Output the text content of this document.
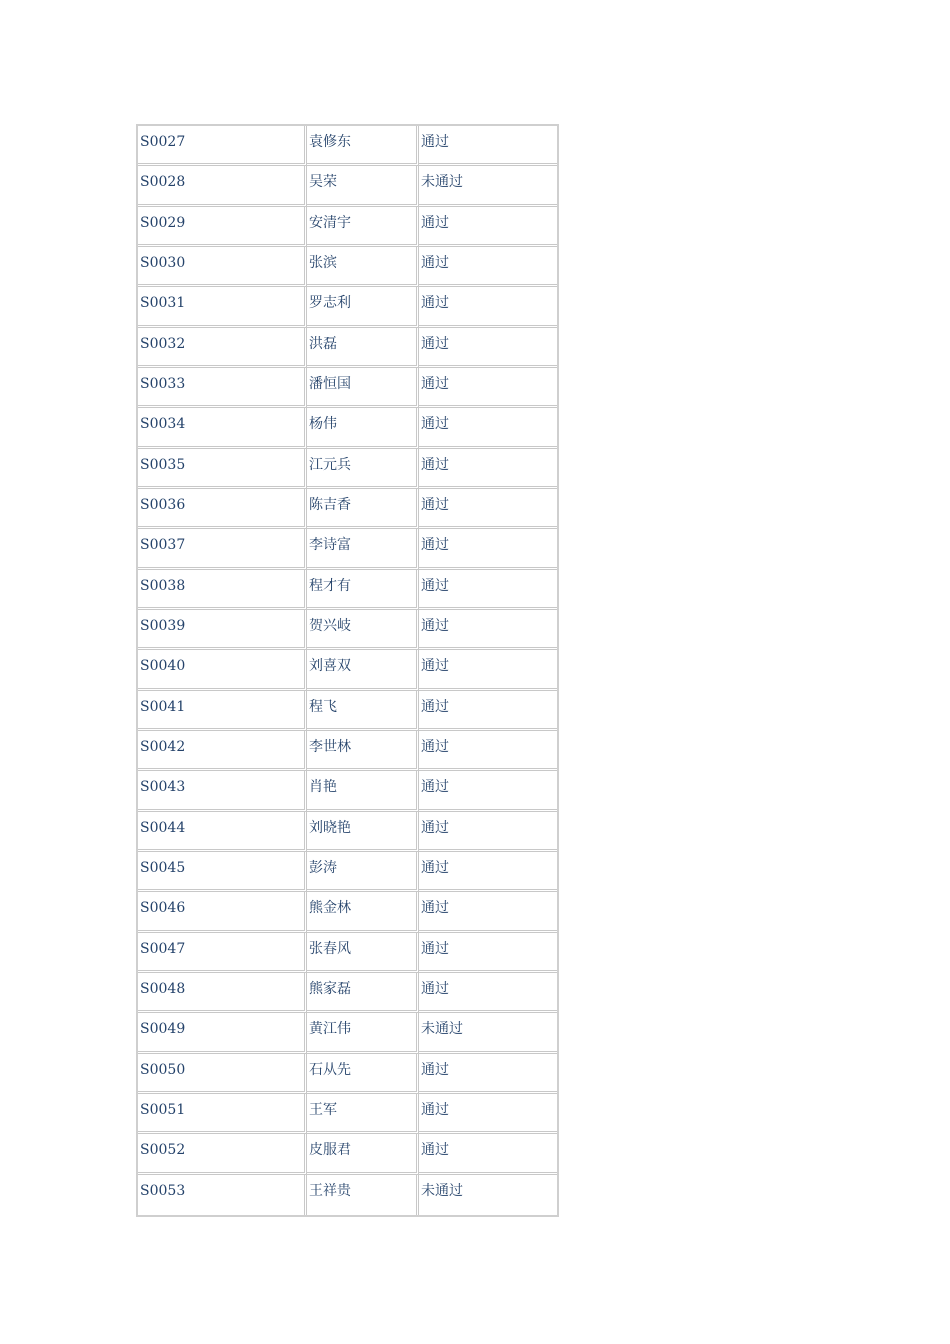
S0027	袁修东	通过

S0028	吴荣	未通过

S0029	安清宇	通过

S0030	张滨	通过

S0031	罗志利	通过

S0032	洪磊	通过

S0033	潘恒国	通过

S0034	杨伟	通过

S0035	江元兵	通过

S0036	陈吉香	通过

S0037	李诗富	通过

S0038	程才有	通过

S0039	贺兴岐	通过

S0040	刘喜双	通过

S0041	程飞	通过

S0042	李世林	通过

S0043	肖艳	通过

S0044	刘晓艳	通过

S0045	彭涛	通过

S0046	熊金林	通过

S0047	张春风	通过

S0048	熊家磊	通过

S0049	黄江伟	未通过

S0050	石从先	通过

S0051	王军	通过

S0052	皮服君	通过

S0053	王祥贵	未通过
